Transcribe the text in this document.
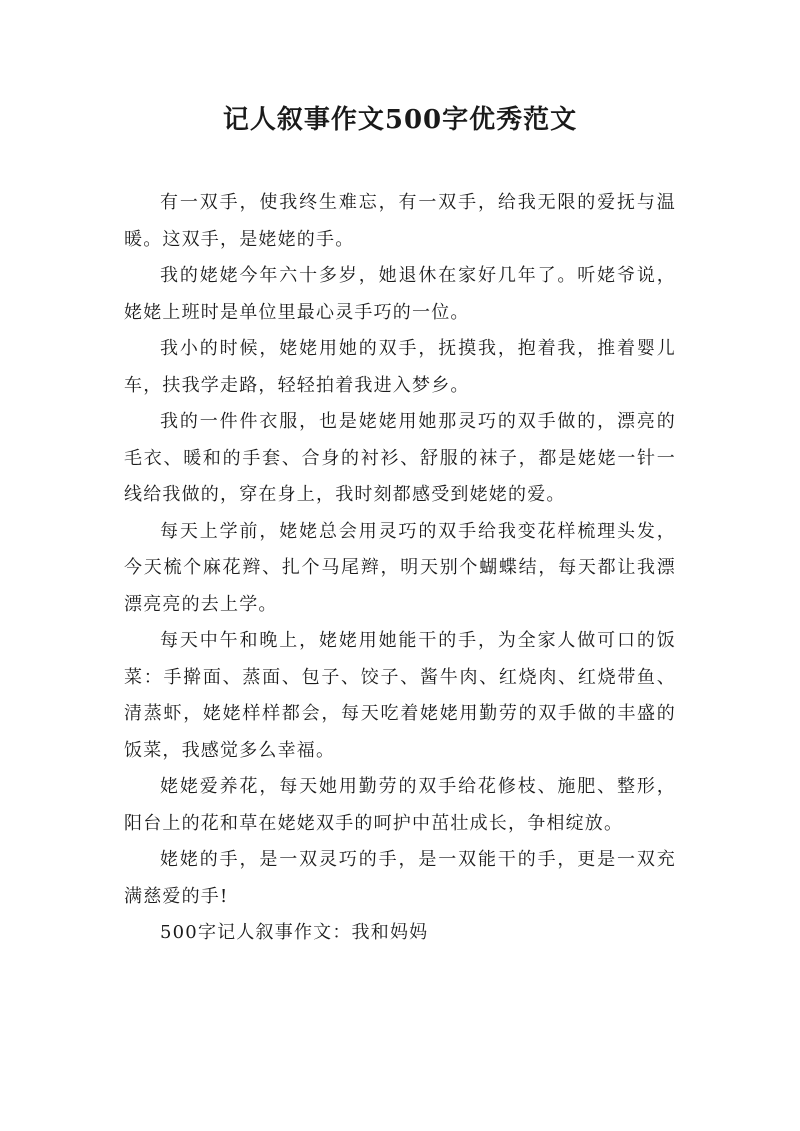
记人叙事作文500字优秀范文

有一双手，使我终生难忘，有一双手，给我无限的爱抚与温暖。这双手，是姥姥的手。

我的姥姥今年六十多岁，她退休在家好几年了。听姥爷说，姥姥上班时是单位里最心灵手巧的一位。

我小的时候，姥姥用她的双手，抚摸我，抱着我，推着婴儿车，扶我学走路，轻轻拍着我进入梦乡。

我的一件件衣服，也是姥姥用她那灵巧的双手做的，漂亮的毛衣、暖和的手套、合身的衬衫、舒服的袜子，都是姥姥一针一线给我做的，穿在身上，我时刻都感受到姥姥的爱。

每天上学前，姥姥总会用灵巧的双手给我变花样梳理头发，今天梳个麻花辫、扎个马尾辫，明天别个蝴蝶结，每天都让我漂漂亮亮的去上学。

每天中午和晚上，姥姥用她能干的手，为全家人做可口的饭菜：手擀面、蒸面、包子、饺子、酱牛肉、红烧肉、红烧带鱼、清蒸虾，姥姥样样都会，每天吃着姥姥用勤劳的双手做的丰盛的饭菜，我感觉多么幸福。

姥姥爱养花，每天她用勤劳的双手给花修枝、施肥、整形，阳台上的花和草在姥姥双手的呵护中茁壮成长，争相绽放。

姥姥的手，是一双灵巧的手，是一双能干的手，更是一双充满慈爱的手!

500字记人叙事作文：我和妈妈
